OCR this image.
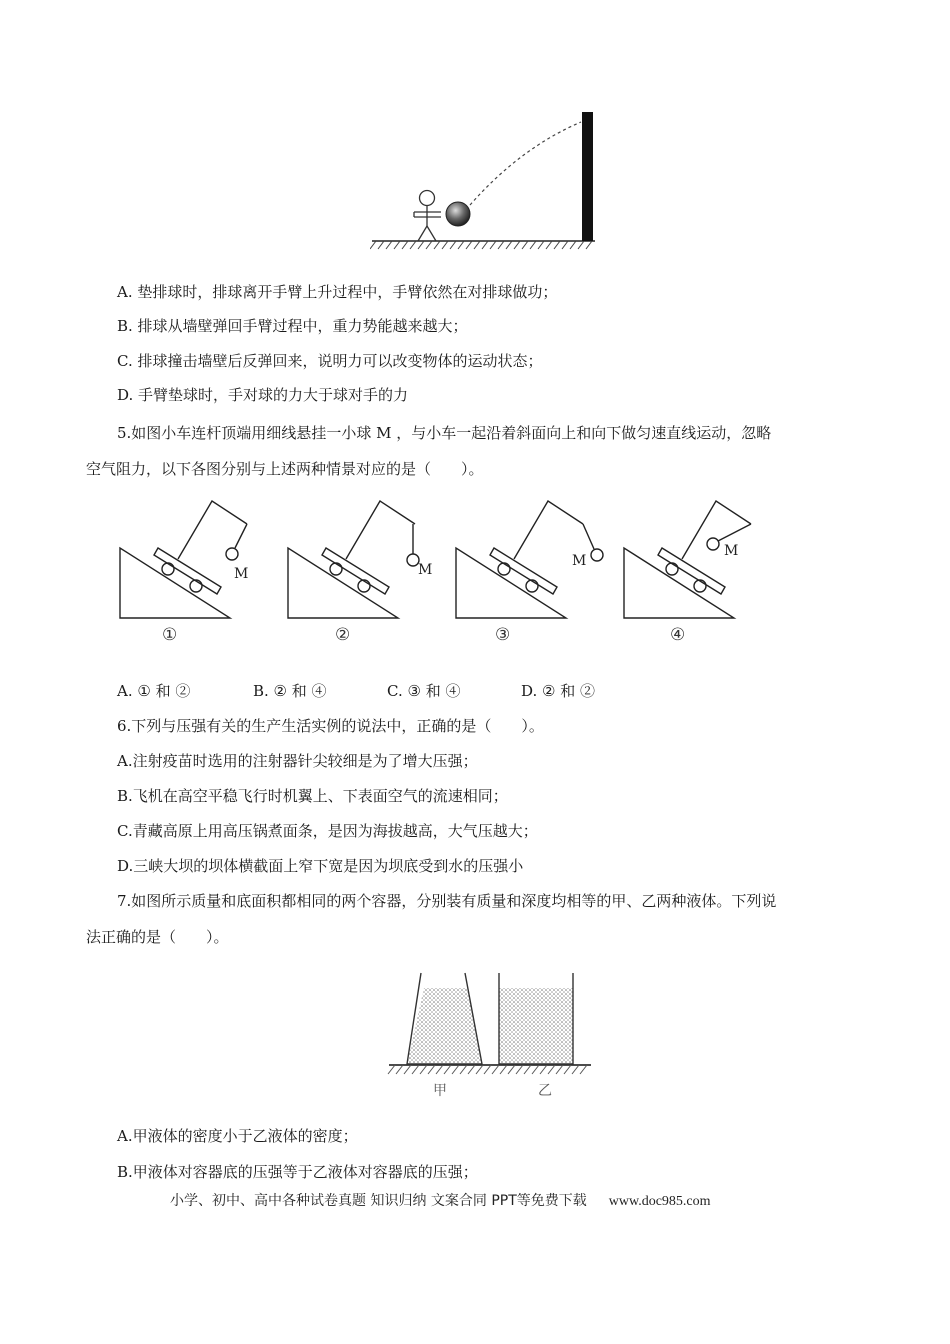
A. 垫排球时，排球离开手臂上升过程中，手臂依然在对排球做功；
B. 排球从墙壁弹回手臂过程中，重力势能越来越大；
C. 排球撞击墙壁后反弹回来，说明力可以改变物体的运动状态；
D. 手臂垫球时，手对球的力大于球对手的力
5.如图小车连杆顶端用细线悬挂一小球 M ，与小车一起沿着斜面向上和向下做匀速直线运动，忽略
空气阻力，以下各图分别与上述两种情景对应的是（　　）。
M	M
M
M
①	②	③	④
A. ① 和 ②	B. ② 和 ④	C. ③ 和 ④	D. ② 和 ②
6.下列与压强有关的生产生活实例的说法中，正确的是（　　）。
A.注射疫苗时选用的注射器针尖较细是为了增大压强；
B.飞机在高空平稳飞行时机翼上、下表面空气的流速相同；
C.青藏高原上用高压锅煮面条，是因为海拔越高，大气压越大；
D.三峡大坝的坝体横截面上窄下宽是因为坝底受到水的压强小
7.如图所示质量和底面积都相同的两个容器，分别装有质量和深度均相等的甲、乙两种液体。下列说
法正确的是（　　）。
甲	乙
A.甲液体的密度小于乙液体的密度；
B.甲液体对容器底的压强等于乙液体对容器底的压强；
小学、初中、高中各种试卷真题 知识归纳 文案合同 PPT等免费下载 www.doc985.com
